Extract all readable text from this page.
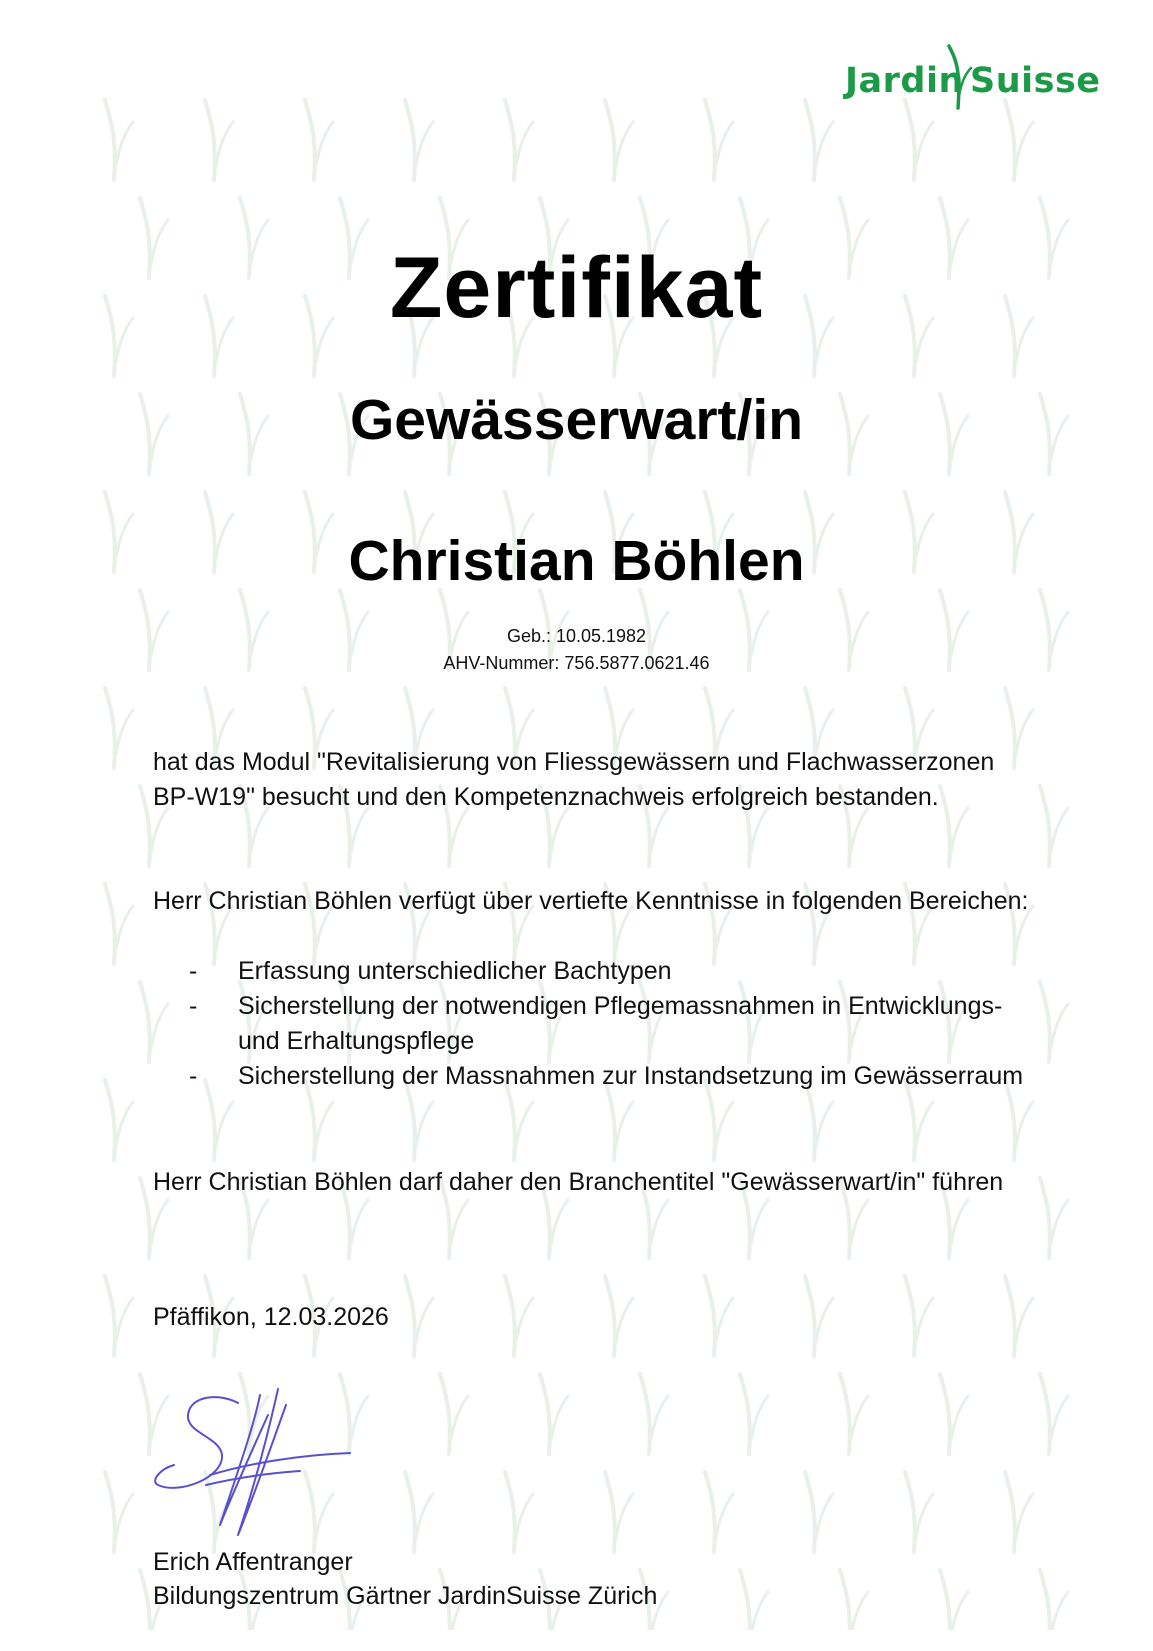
Jardin Suisse
Zertifikat
Gewässerwart/in
Christian Böhlen
Geb.: 10.05.1982
AHV-Nummer: 756.5877.0621.46
hat das Modul "Revitalisierung von Fliessgewässern und Flachwasserzonen BP-W19" besucht und den Kompetenznachweis erfolgreich bestanden.
Herr Christian Böhlen verfügt über vertiefte Kenntnisse in folgenden Bereichen:
- Erfassung unterschiedlicher Bachtypen
- Sicherstellung der notwendigen Pflegemassnahmen in Entwicklungs- und Erhaltungspflege
- Sicherstellung der Massnahmen zur Instandsetzung im Gewässerraum
Herr Christian Böhlen darf daher den Branchentitel "Gewässerwart/in" führen
Pfäffikon, 12.03.2026
Erich Affentranger
Bildungszentrum Gärtner JardinSuisse Zürich
